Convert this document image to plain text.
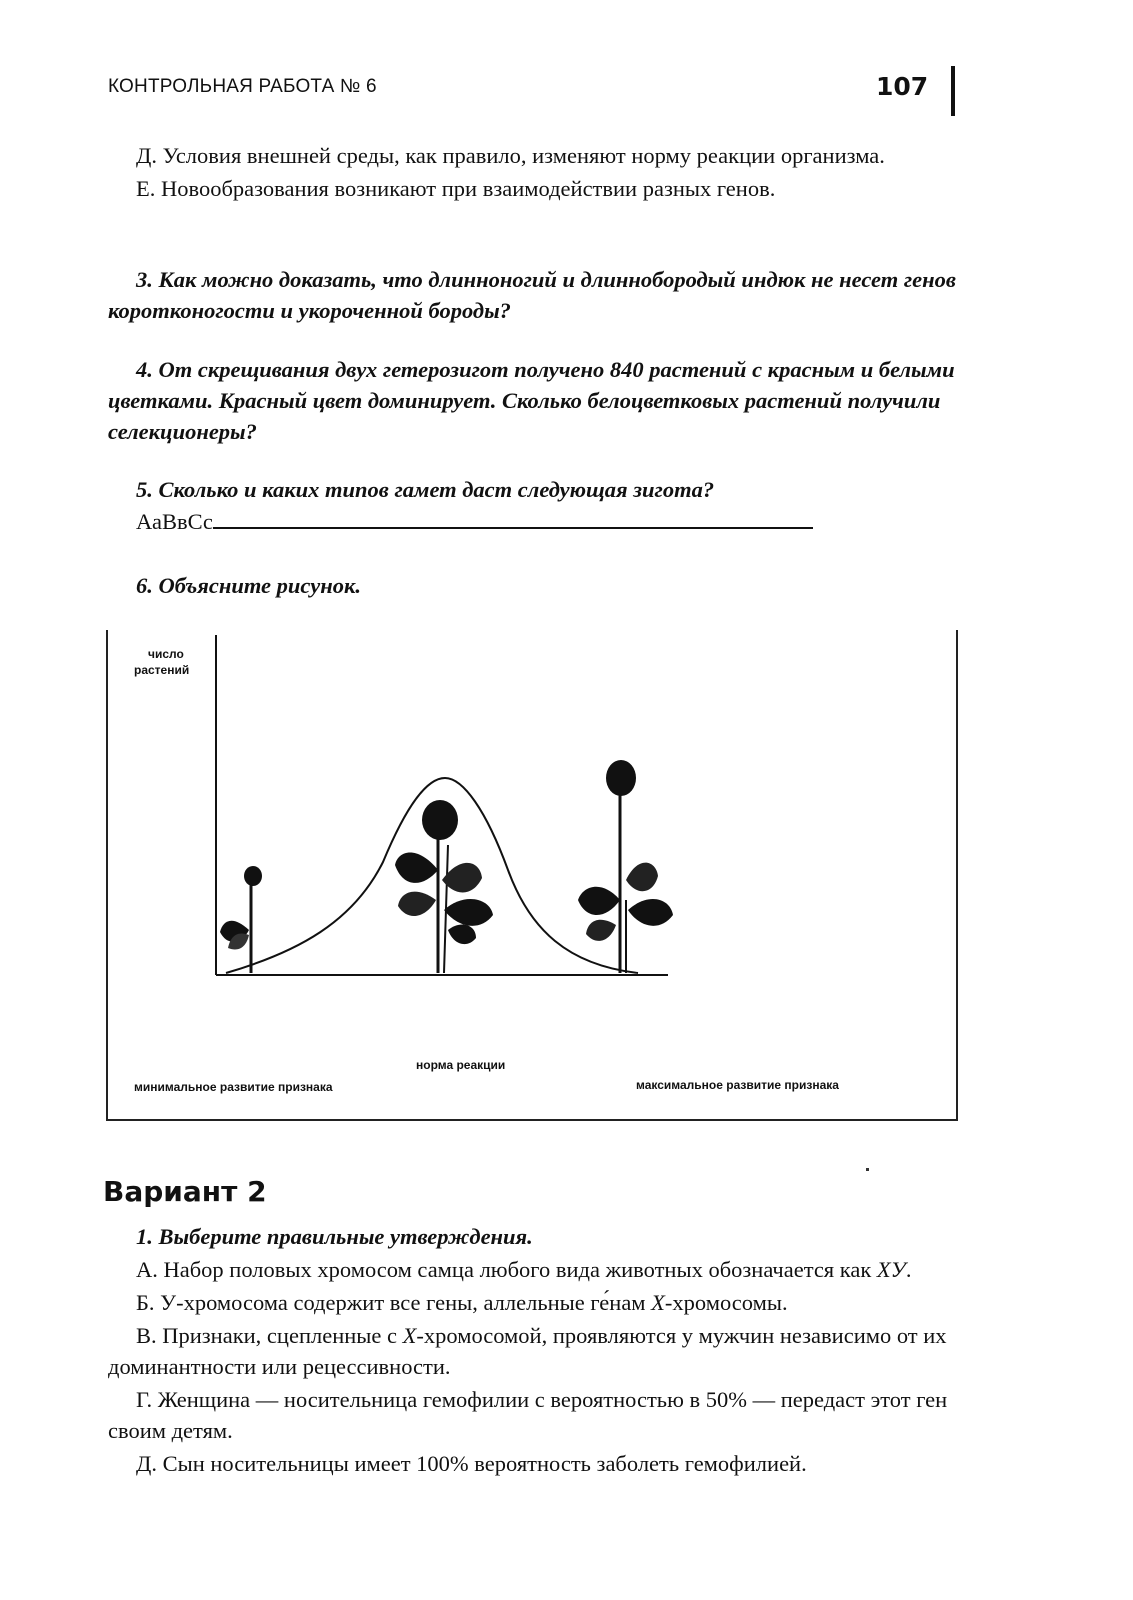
КОНТРОЛЬНАЯ РАБОТА № 6	107

Д. Условия внешней среды, как правило, изменяют норму реакции организма.

Е. Новообразования возникают при взаимодействии разных генов.

3. Как можно доказать, что длинноногий и длиннобородый индюк не несет генов коротконогости и укороченной бороды?

4. От скрещивания двух гетерозигот получено 840 растений с красным и белыми цветками. Красный цвет доминирует. Сколько белоцветковых растений получили селекционеры?

5. Сколько и каких типов гамет даст следующая зигота?

АаВвСс

6. Объясните рисунок.

число
растений
норма реакции
минимальное развитие признака	максимальное развитие признака
Вариант 2

1. Выберите правильные утверждения.

А. Набор половых хромосом самца любого вида животных обозначается как ХУ.

Б. У-хромосома содержит все гены, аллельные ге́нам Х-хромосомы.

В. Признаки, сцепленные с Х-хромосомой, проявляются у мужчин независимо от их доминантности или рецессивности.

Г. Женщина — носительница гемофилии с вероятностью в 50% — передаст этот ген своим детям.

Д. Сын носительницы имеет 100% вероятность заболеть гемофилией.
